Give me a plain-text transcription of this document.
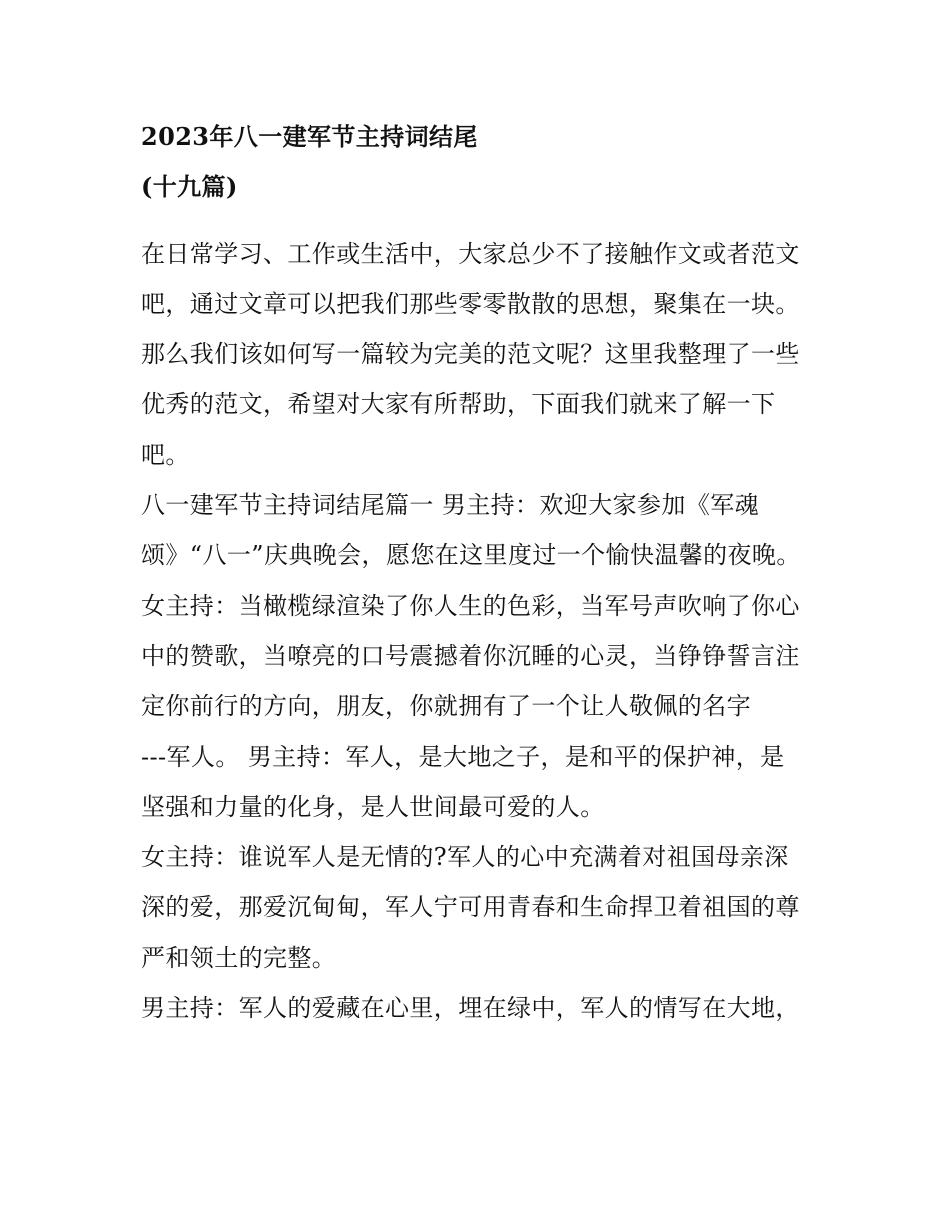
2023年八一建军节主持词结尾
(十九篇)

在日常学习、工作或生活中，大家总少不了接触作文或者范文
吧，通过文章可以把我们那些零零散散的思想，聚集在一块。
那么我们该如何写一篇较为完美的范文呢？这里我整理了一些
优秀的范文，希望对大家有所帮助，下面我们就来了解一下
吧。

八一建军节主持词结尾篇一 男主持：欢迎大家参加《军魂
颂》“八一”庆典晚会，愿您在这里度过一个愉快温馨的夜晚。
女主持：当橄榄绿渲染了你人生的色彩，当军号声吹响了你心
中的赞歌，当嘹亮的口号震撼着你沉睡的心灵，当铮铮誓言注
定你前行的方向，朋友，你就拥有了一个让人敬佩的名字
---军人。 男主持：军人，是大地之子，是和平的保护神，是
坚强和力量的化身，是人世间最可爱的人。

女主持：谁说军人是无情的?军人的心中充满着对祖国母亲深
深的爱，那爱沉甸甸，军人宁可用青春和生命捍卫着祖国的尊
严和领土的完整。

男主持：军人的爱藏在心里，埋在绿中，军人的情写在大地，
